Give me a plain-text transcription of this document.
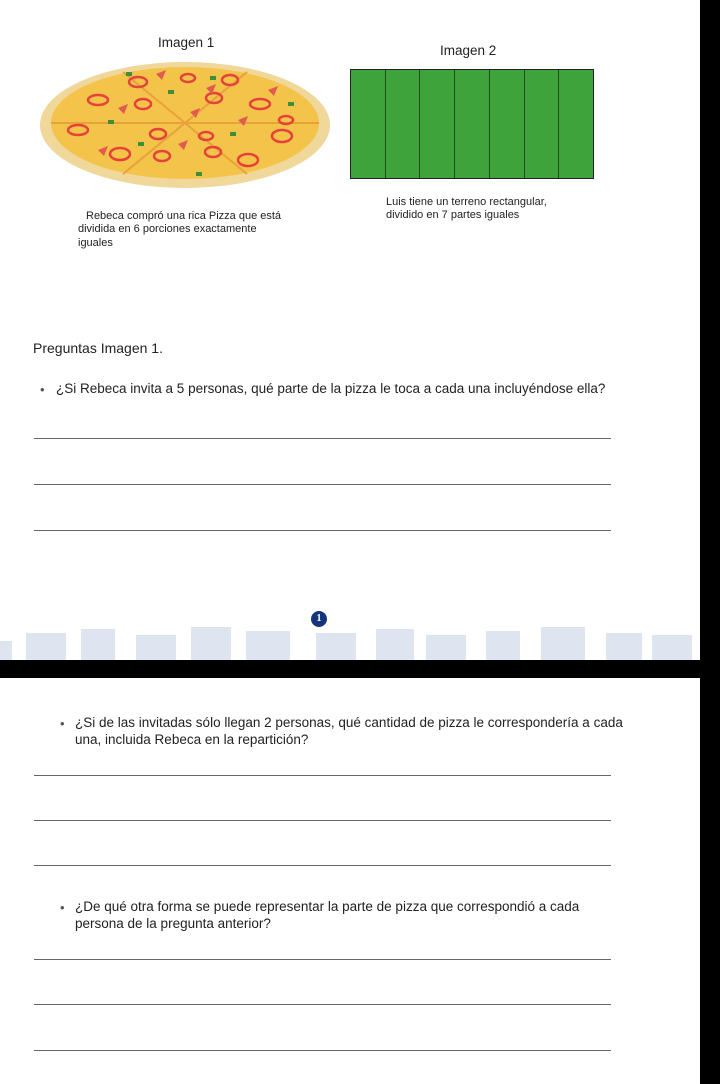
Imagen 1
Imagen 2
Rebeca compró una rica Pizza que está
dividida en 6 porciones exactamente
iguales
Luis tiene un terreno rectangular,
dividido en 7 partes iguales
Preguntas Imagen 1.
• ¿Si Rebeca invita a 5 personas, qué parte de la pizza le toca a cada una incluyéndose ella?
1
• ¿Si de las invitadas sólo llegan 2 personas, qué cantidad de pizza le correspondería a cada
una, incluida Rebeca en la repartición?
• ¿De qué otra forma se puede representar la parte de pizza que correspondió a cada
persona de la pregunta anterior?
